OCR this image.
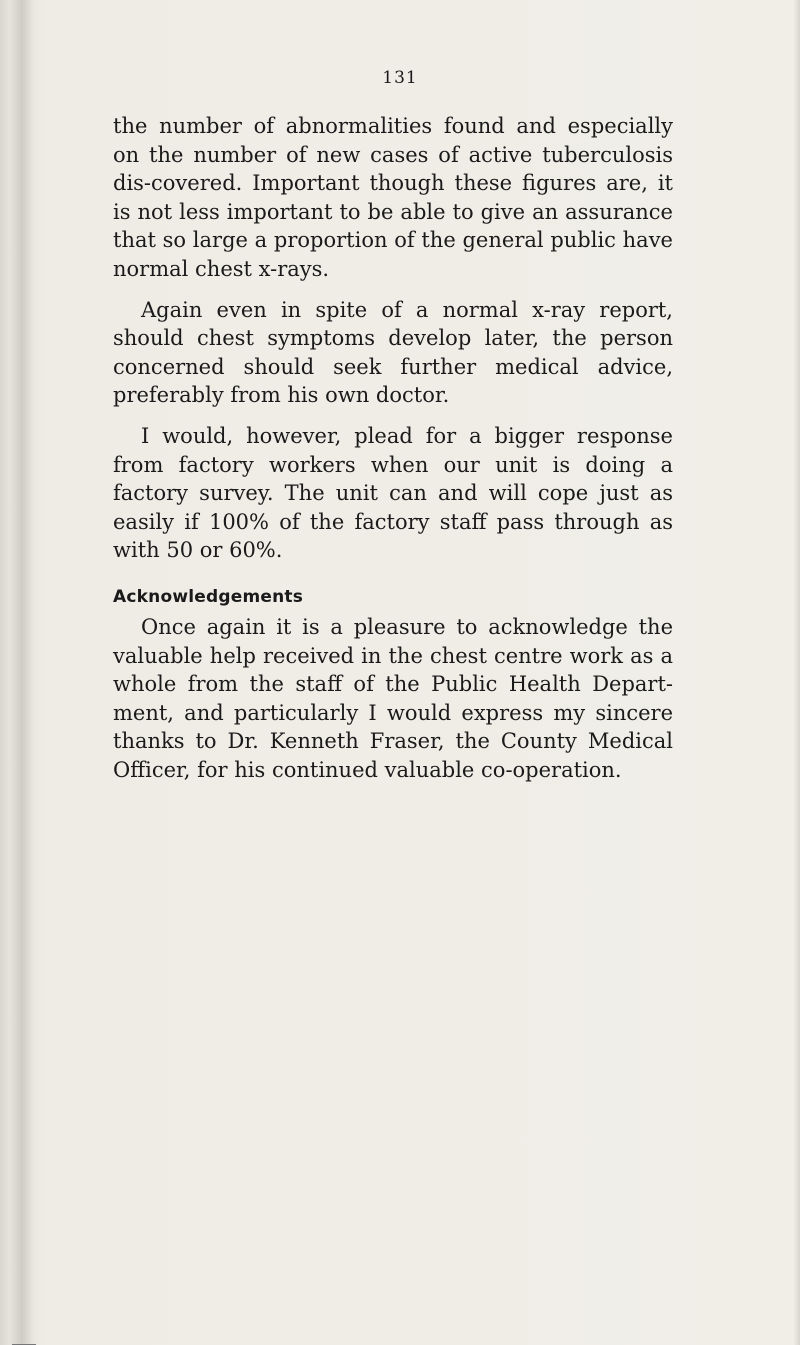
131

the number of abnormalities found and especially on the number of new cases of active tuberculosis dis-covered. Important though these figures are, it is not less important to be able to give an assurance that so large a proportion of the general public have normal chest x-rays.

Again even in spite of a normal x-ray report, should chest symptoms develop later, the person concerned should seek further medical advice, preferably from his own doctor.

I would, however, plead for a bigger response from factory workers when our unit is doing a factory survey. The unit can and will cope just as easily if 100% of the factory staff pass through as with 50 or 60%.

Acknowledgements

Once again it is a pleasure to acknowledge the valuable help received in the chest centre work as a whole from the staff of the Public Health Depart-ment, and particularly I would express my sincere thanks to Dr. Kenneth Fraser, the County Medical Officer, for his continued valuable co-operation.
